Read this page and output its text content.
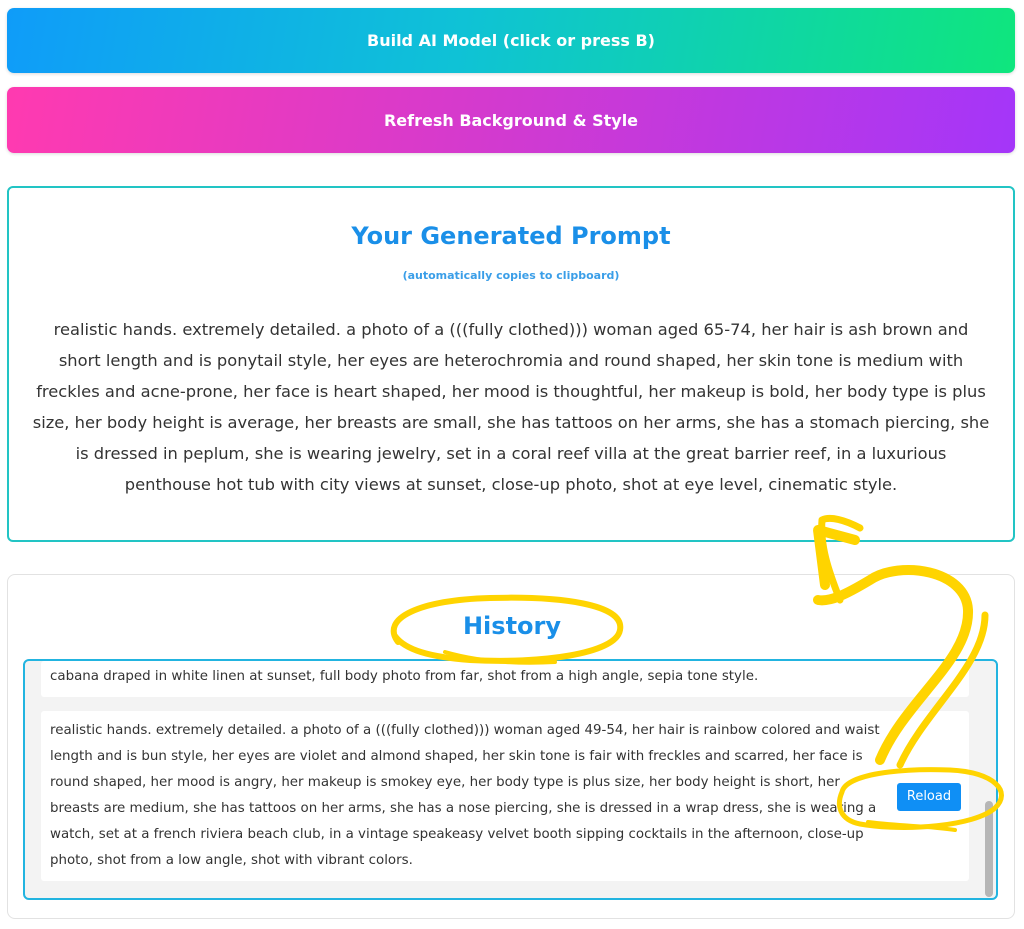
Build AI Model (click or press B)
Refresh Background & Style
Your Generated Prompt
(automatically copies to clipboard)
realistic hands. extremely detailed. a photo of a (((fully clothed))) woman aged 65-74, her hair is ash brown and short length and is ponytail style, her eyes are heterochromia and round shaped, her skin tone is medium with freckles and acne-prone, her face is heart shaped, her mood is thoughtful, her makeup is bold, her body type is plus size, her body height is average, her breasts are small, she has tattoos on her arms, she has a stomach piercing, she is dressed in peplum, she is wearing jewelry, set in a coral reef villa at the great barrier reef, in a luxurious penthouse hot tub with city views at sunset, close-up photo, shot at eye level, cinematic style.
History
cabana draped in white linen at sunset, full body photo from far, shot from a high angle, sepia tone style.
realistic hands. extremely detailed. a photo of a (((fully clothed))) woman aged 49-54, her hair is rainbow colored and waist length and is bun style, her eyes are violet and almond shaped, her skin tone is fair with freckles and scarred, her face is round shaped, her mood is angry, her makeup is smokey eye, her body type is plus size, her body height is short, her breasts are medium, she has tattoos on her arms, she has a nose piercing, she is dressed in a wrap dress, she is wearing a watch, set at a french riviera beach club, in a vintage speakeasy velvet booth sipping cocktails in the afternoon, close-up photo, shot from a low angle, shot with vibrant colors.
Reload
